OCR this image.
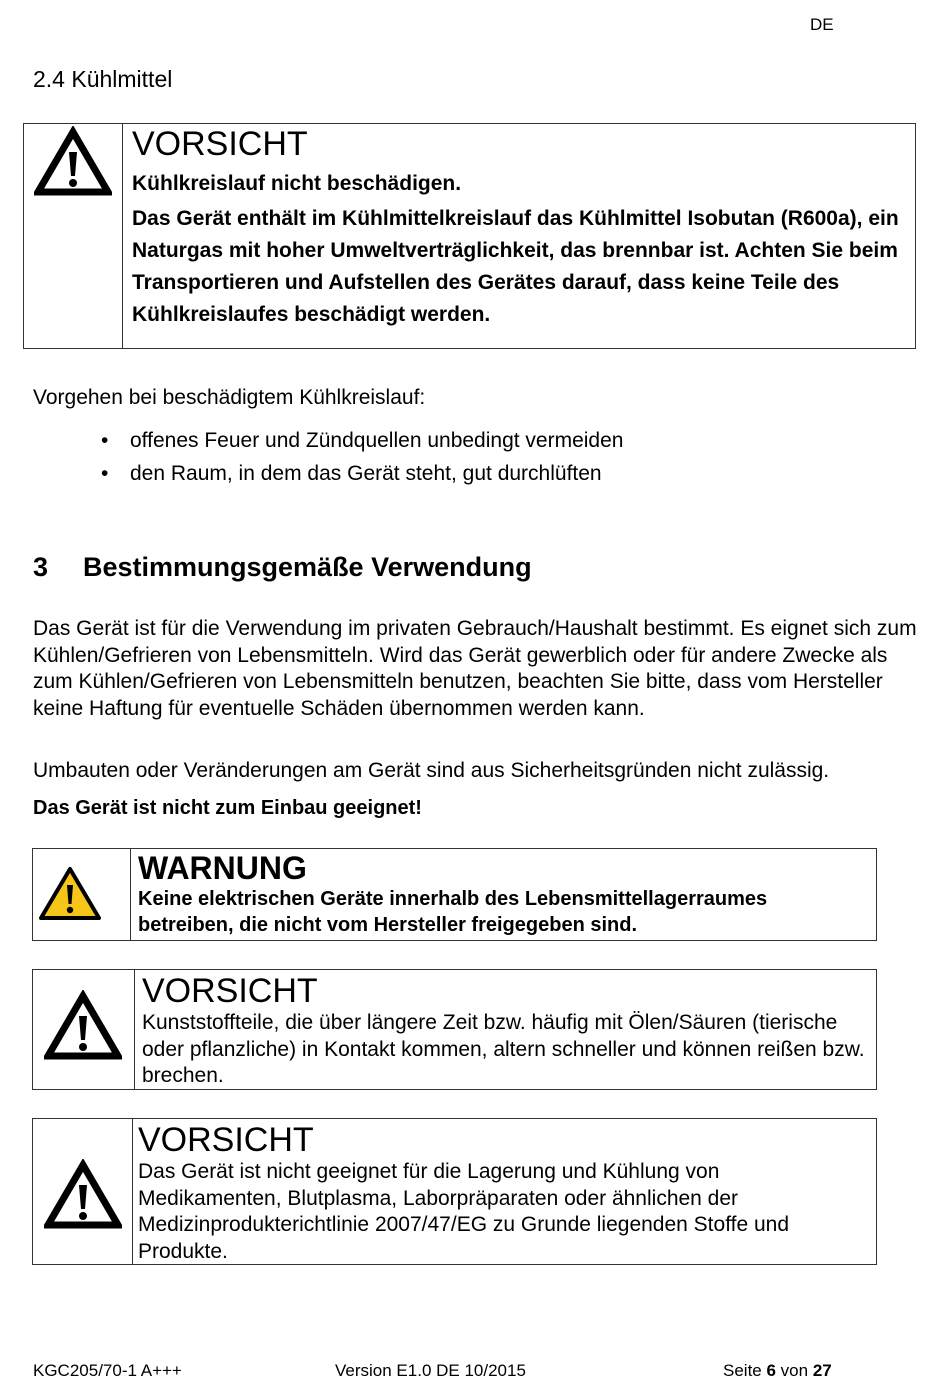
DE
2.4 Kühlmittel
VORSICHT

Kühlkreislauf nicht beschädigen.

Das Gerät enthält im Kühlmittelkreislauf das Kühlmittel Isobutan (R600a), ein Naturgas mit hoher Umweltverträglichkeit, das brennbar ist. Achten Sie beim Transportieren und Aufstellen des Gerätes darauf, dass keine Teile des Kühlkreislaufes beschädigt werden.

Vorgehen bei beschädigtem Kühlkreislauf:
• offenes Feuer und Zündquellen unbedingt vermeiden
• den Raum, in dem das Gerät steht, gut durchlüften
3 Bestimmungsgemäße Verwendung

Das Gerät ist für die Verwendung im privaten Gebrauch/Haushalt bestimmt. Es eignet sich zum Kühlen/Gefrieren von Lebensmitteln. Wird das Gerät gewerblich oder für andere Zwecke als zum Kühlen/Gefrieren von Lebensmitteln benutzen, beachten Sie bitte, dass vom Hersteller keine Haftung für eventuelle Schäden übernommen werden kann.

Umbauten oder Veränderungen am Gerät sind aus Sicherheitsgründen nicht zulässig.

Das Gerät ist nicht zum Einbau geeignet!

WARNUNG

Keine elektrischen Geräte innerhalb des Lebensmittellagerraumes betreiben, die nicht vom Hersteller freigegeben sind.

VORSICHT

Kunststoffteile, die über längere Zeit bzw. häufig mit Ölen/Säuren (tierische oder pflanzliche) in Kontakt kommen, altern schneller und können reißen bzw. brechen.

VORSICHT

Das Gerät ist nicht geeignet für die Lagerung und Kühlung von Medikamenten, Blutplasma, Laborpräparaten oder ähnlichen der Medizinprodukterichtlinie 2007/47/EG zu Grunde liegenden Stoffe und Produkte.

KGC205/70-1 A+++	Version E1.0 DE 10/2015	Seite 6 von 27
